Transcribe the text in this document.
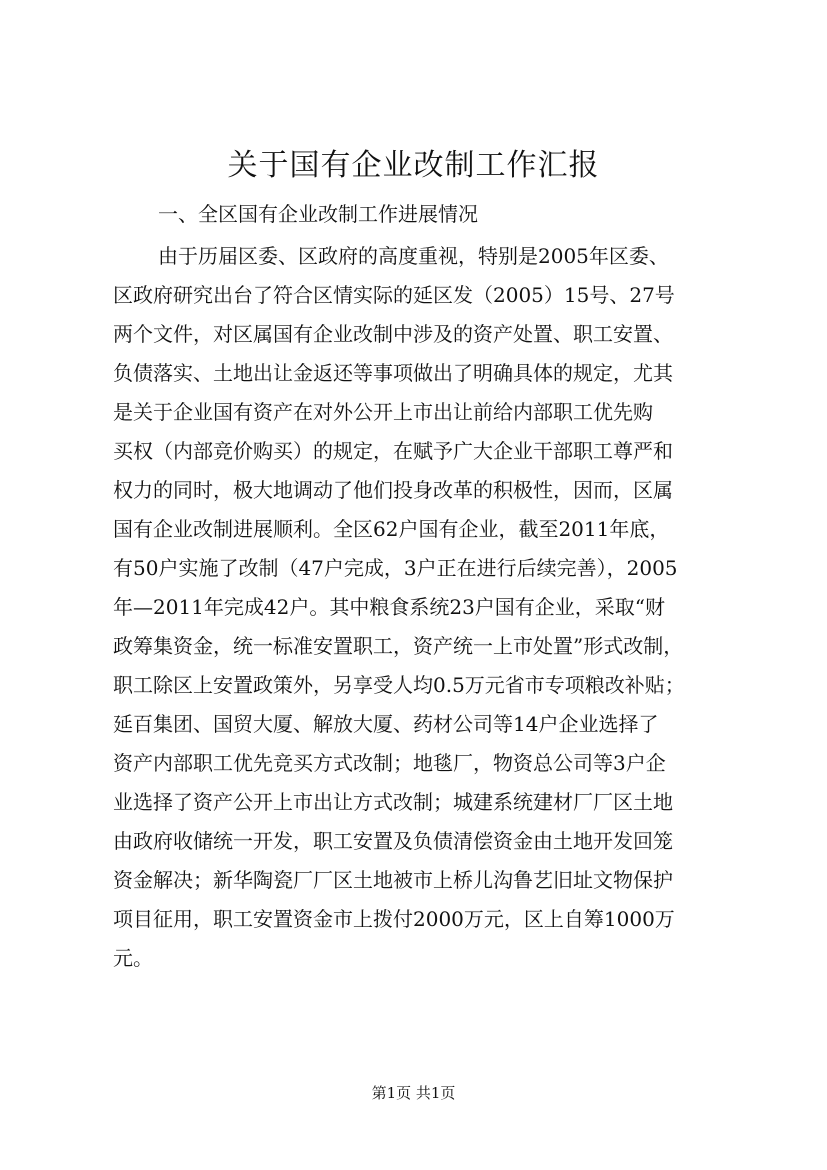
关于国有企业改制工作汇报

一、全区国有企业改制工作进展情况

由于历届区委、区政府的高度重视，特别是2005年区委、
区政府研究出台了符合区情实际的延区发（2005）15号、27号
两个文件，对区属国有企业改制中涉及的资产处置、职工安置、
负债落实、土地出让金返还等事项做出了明确具体的规定，尤其
是关于企业国有资产在对外公开上市出让前给内部职工优先购
买权（内部竞价购买）的规定，在赋予广大企业干部职工尊严和
权力的同时，极大地调动了他们投身改革的积极性，因而，区属
国有企业改制进展顺利。全区62户国有企业，截至2011年底，
有50户实施了改制（47户完成，3户正在进行后续完善），2005
年—2011年完成42户。其中粮食系统23户国有企业，采取“财
政筹集资金，统一标准安置职工，资产统一上市处置”形式改制，
职工除区上安置政策外，另享受人均0.5万元省市专项粮改补贴；
延百集团、国贸大厦、解放大厦、药材公司等14户企业选择了
资产内部职工优先竞买方式改制；地毯厂，物资总公司等3户企
业选择了资产公开上市出让方式改制；城建系统建材厂厂区土地
由政府收储统一开发，职工安置及负债清偿资金由土地开发回笼
资金解决；新华陶瓷厂厂区土地被市上桥儿沟鲁艺旧址文物保护
项目征用，职工安置资金市上拨付2000万元，区上自筹1000万
元。

第1页 共1页
